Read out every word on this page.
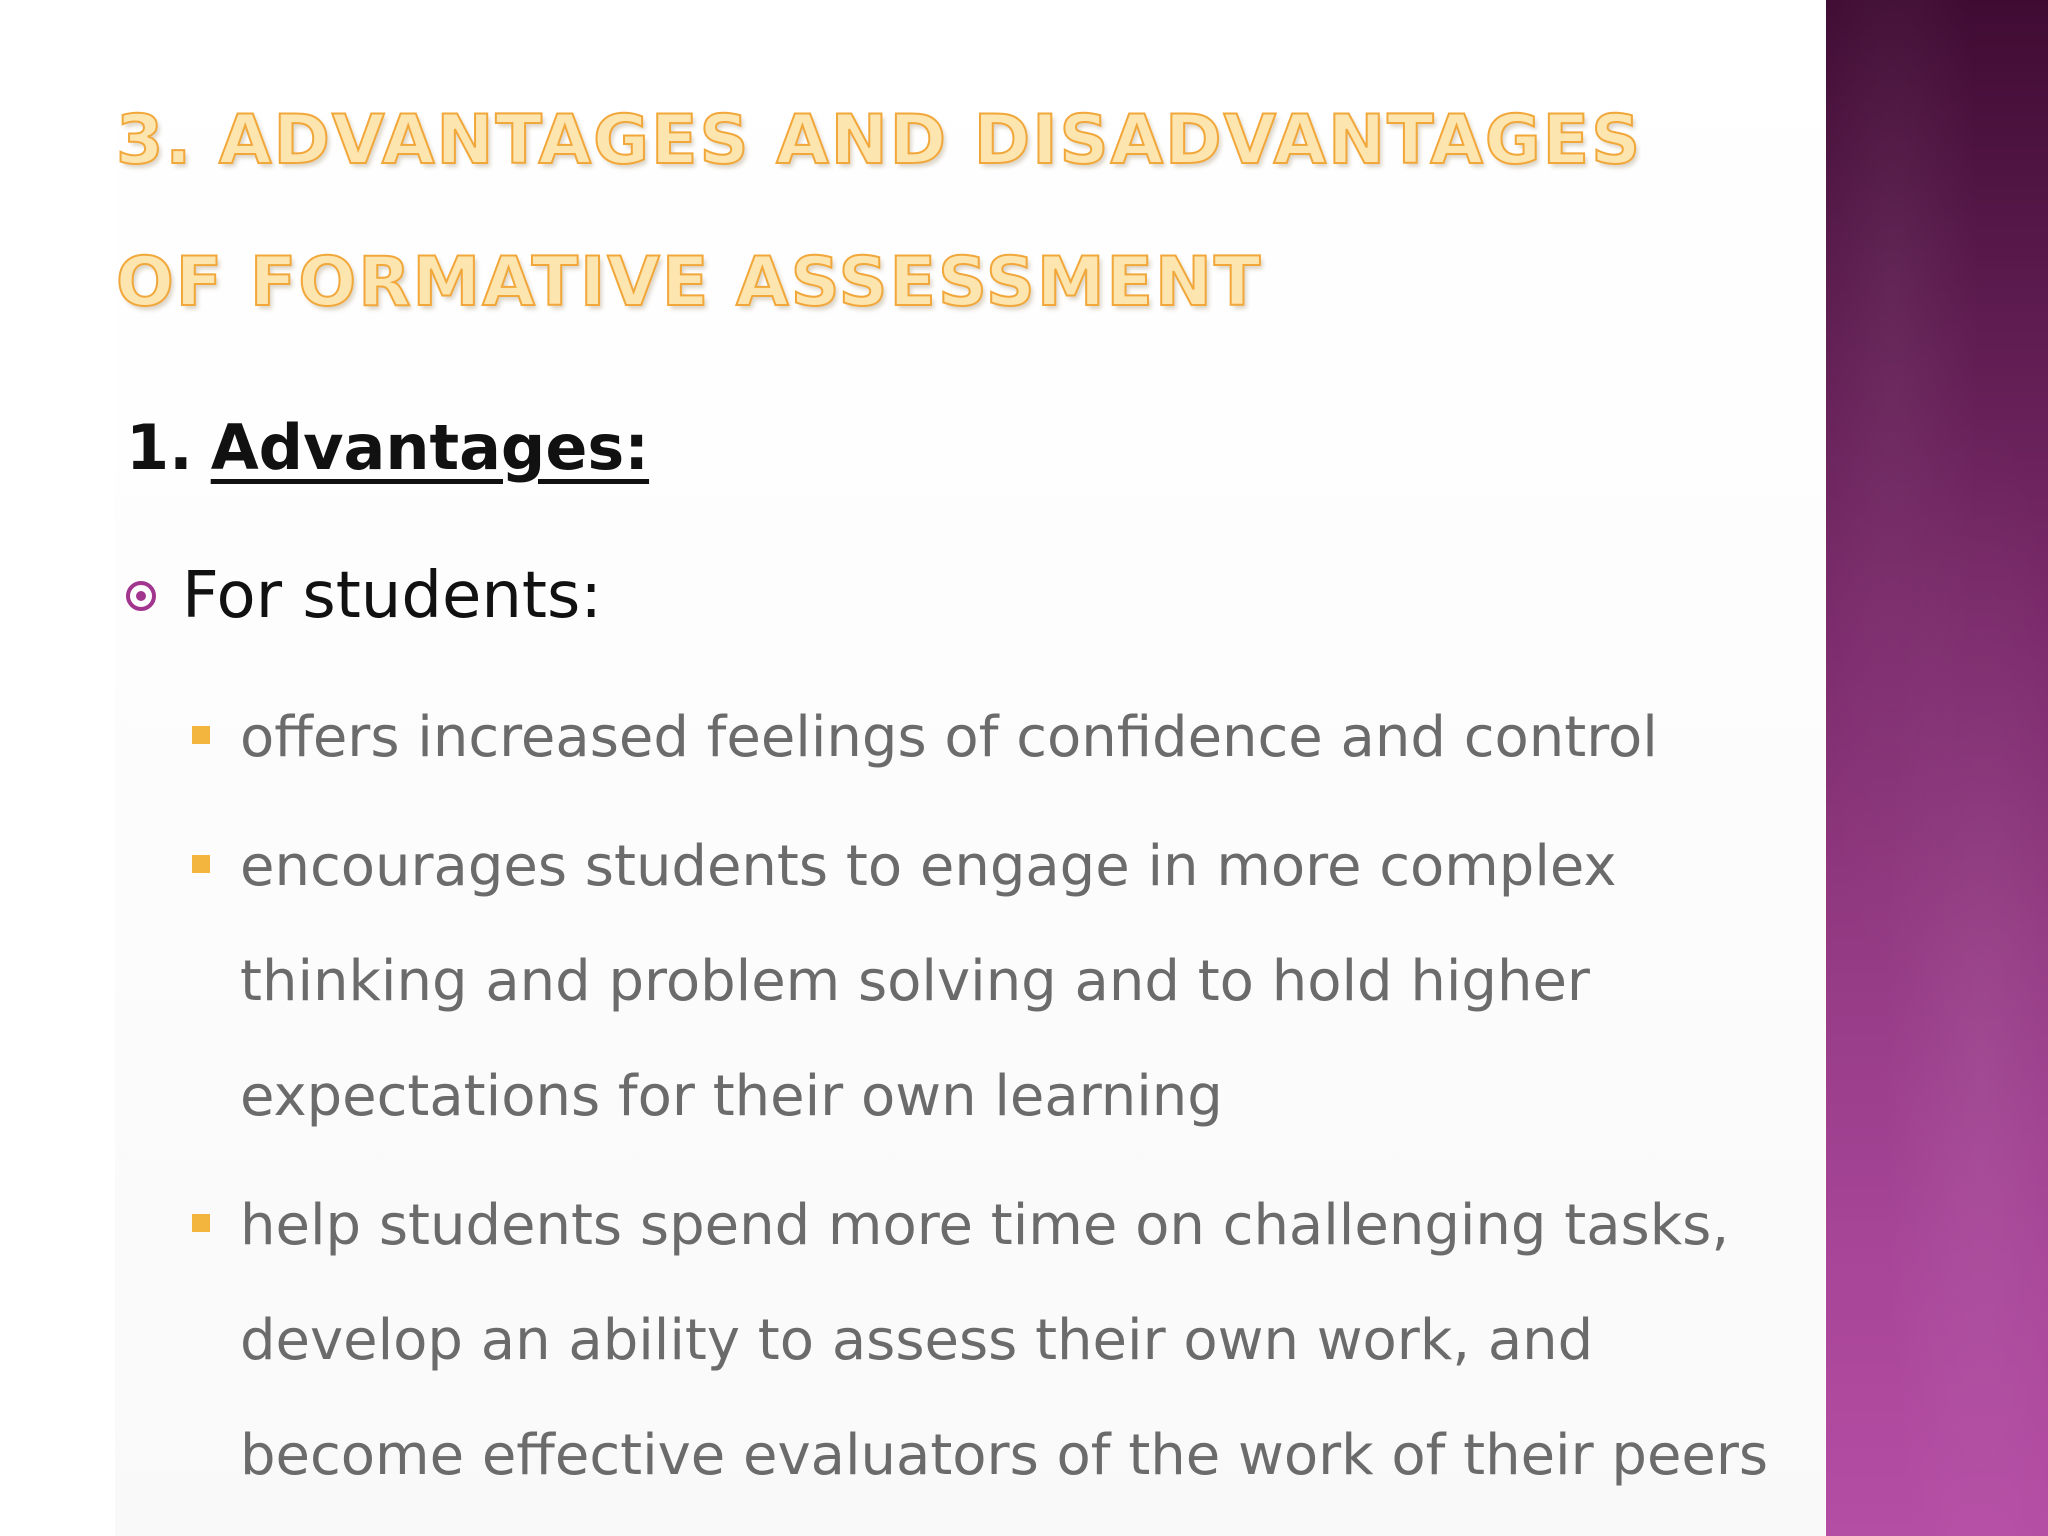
3. ADVANTAGES AND DISADVANTAGES OF FORMATIVE ASSESSMENT
1. Advantages:
For students:
offers increased feelings of confidence and control
encourages students to engage in more complex thinking and problem solving and to hold higher expectations for their own learning
help students spend more time on challenging tasks, develop an ability to assess their own work, and become effective evaluators of the work of their peers
